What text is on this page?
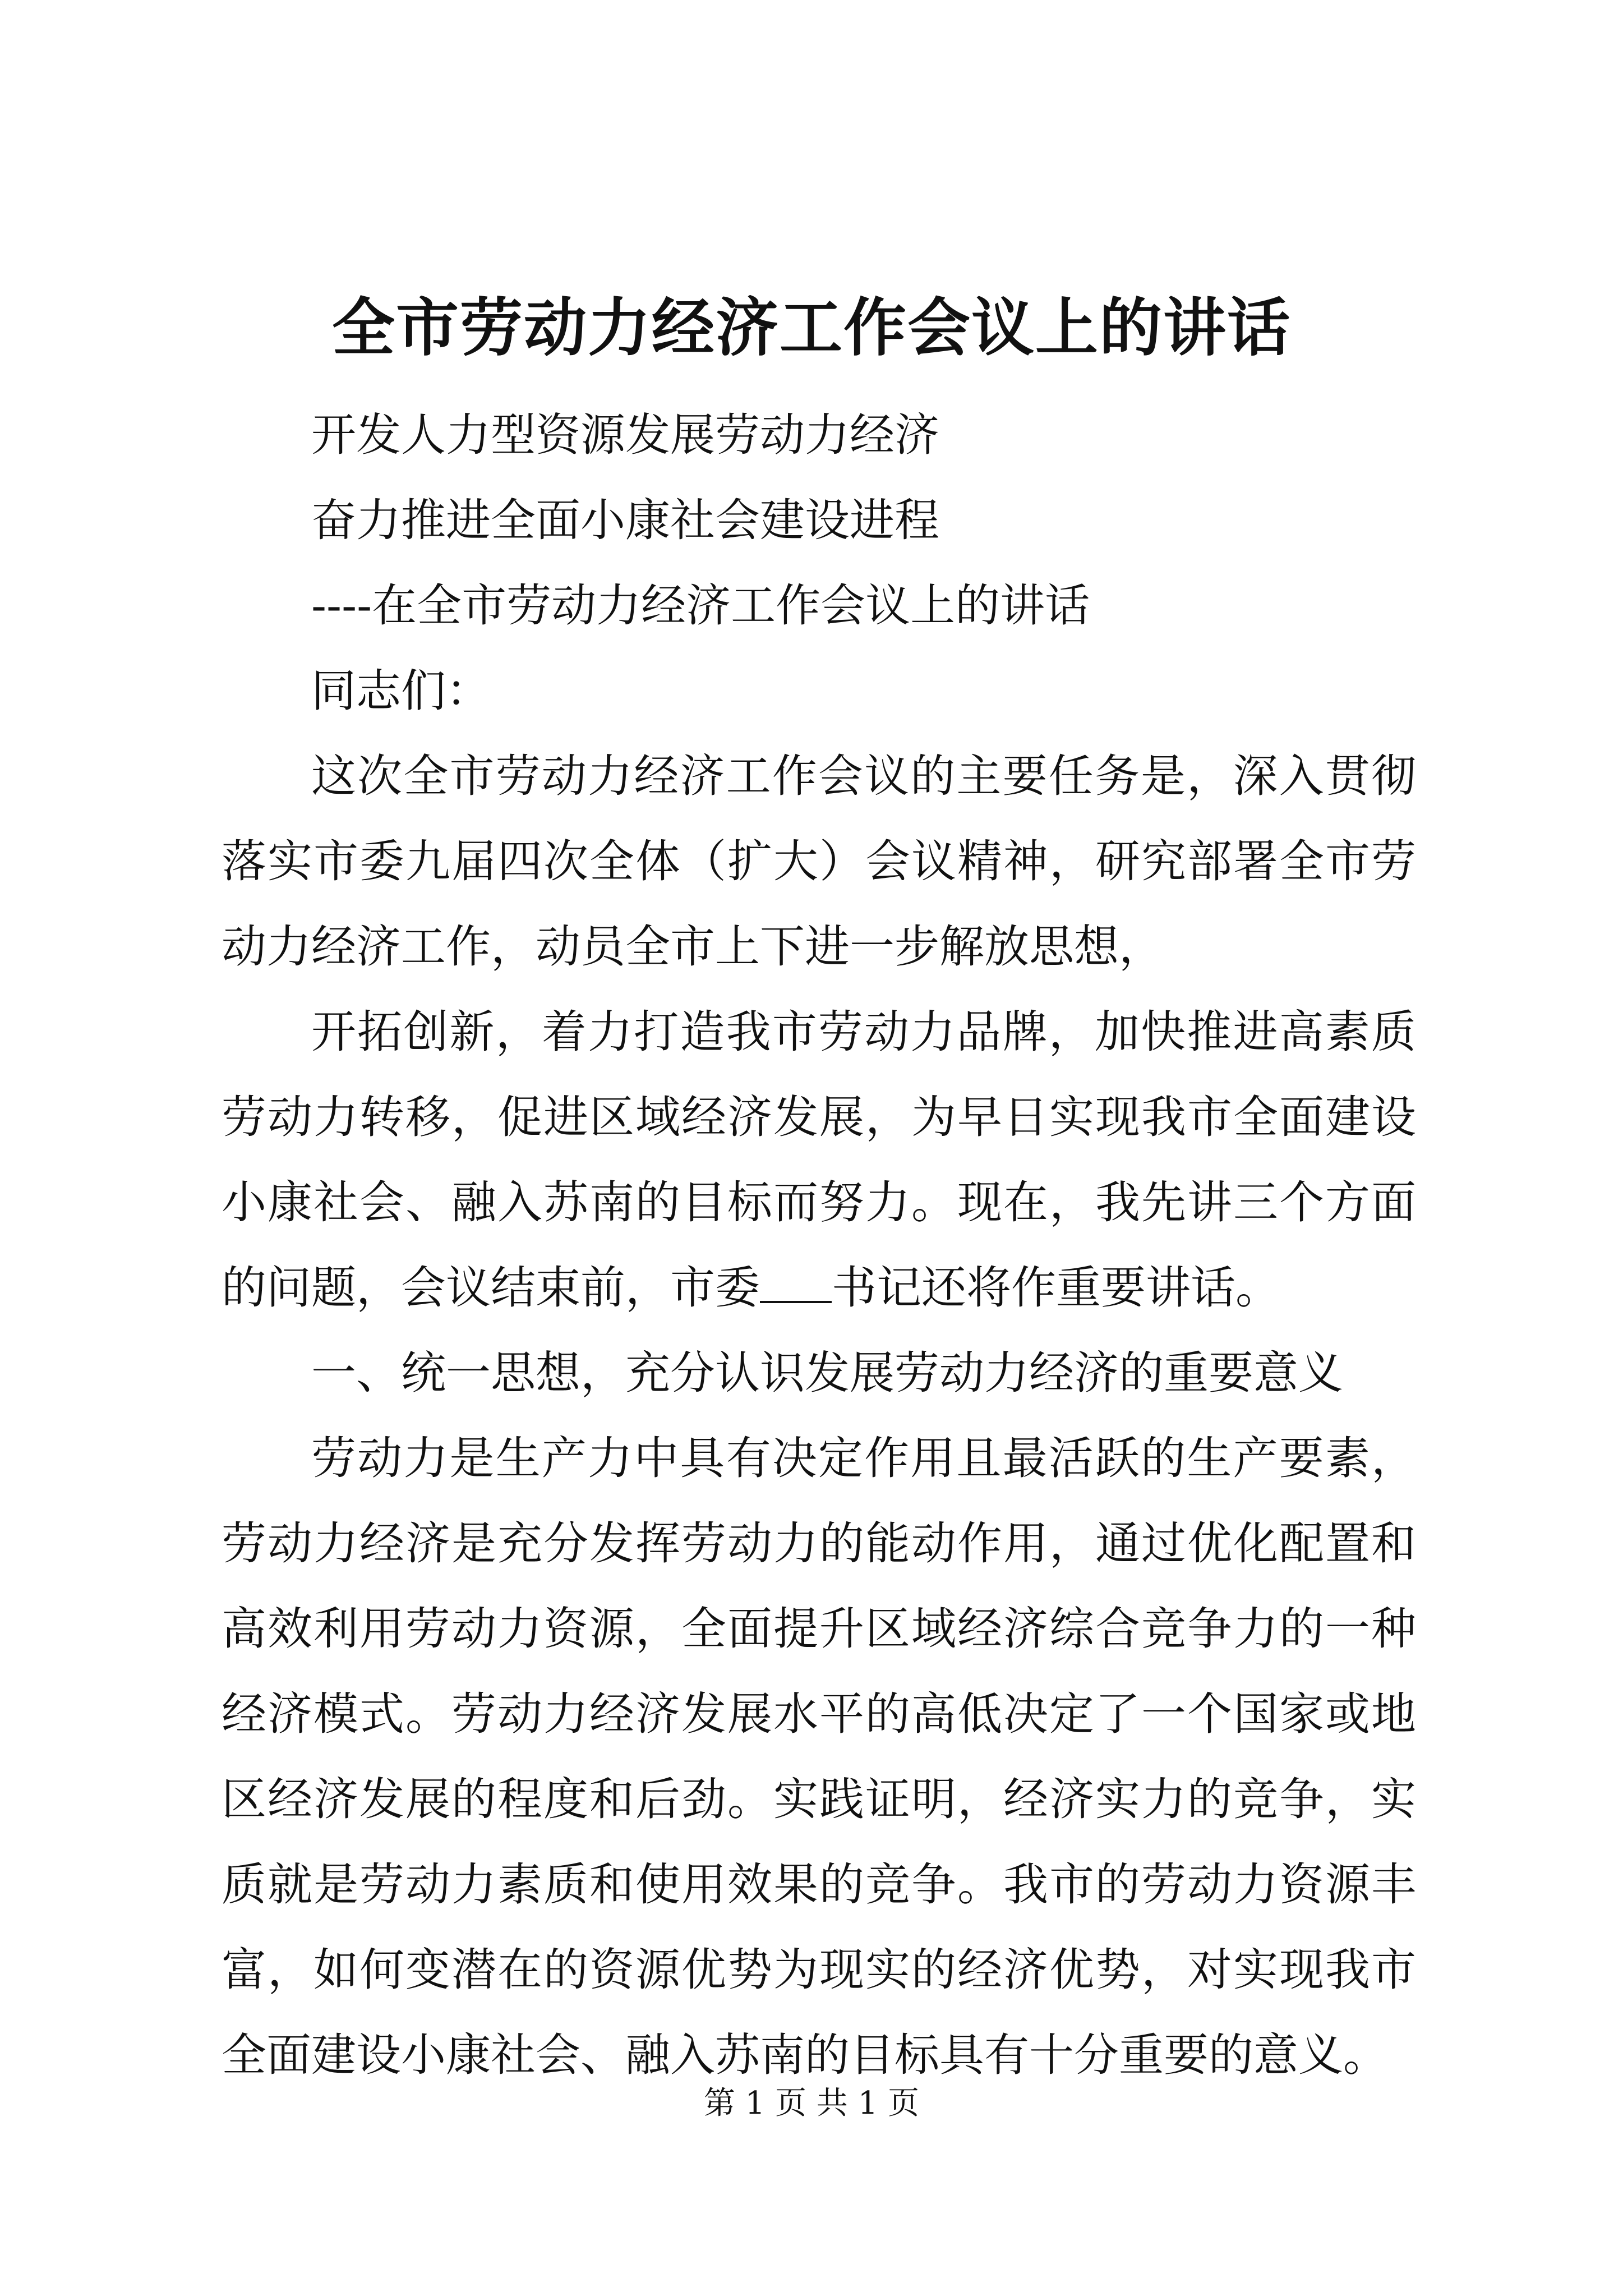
全市劳动力经济工作会议上的讲话

开发人力型资源发展劳动力经济

奋力推进全面小康社会建设进程

----在全市劳动力经济工作会议上的讲话

同志们：

这次全市劳动力经济工作会议的主要任务是，深入贯彻落实市委九届四次全体（扩大）会议精神，研究部署全市劳动力经济工作，动员全市上下进一步解放思想，

开拓创新，着力打造我市劳动力品牌，加快推进高素质劳动力转移，促进区域经济发展，为早日实现我市全面建设小康社会、融入苏南的目标而努力。现在，我先讲三个方面的问题，会议结束前，市委 书记还将作重要讲话。

一、统一思想，充分认识发展劳动力经济的重要意义

劳动力是生产力中具有决定作用且最活跃的生产要素，劳动力经济是充分发挥劳动力的能动作用，通过优化配置和高效利用劳动力资源，全面提升区域经济综合竞争力的一种经济模式。劳动力经济发展水平的高低决定了一个国家或地区经济发展的程度和后劲。实践证明，经济实力的竞争，实质就是劳动力素质和使用效果的竞争。我市的劳动力资源丰富，如何变潜在的资源优势为现实的经济优势，对实现我市全面建设小康社会、融入苏南的目标具有十分重要的意义。

第 1 页 共 1 页
